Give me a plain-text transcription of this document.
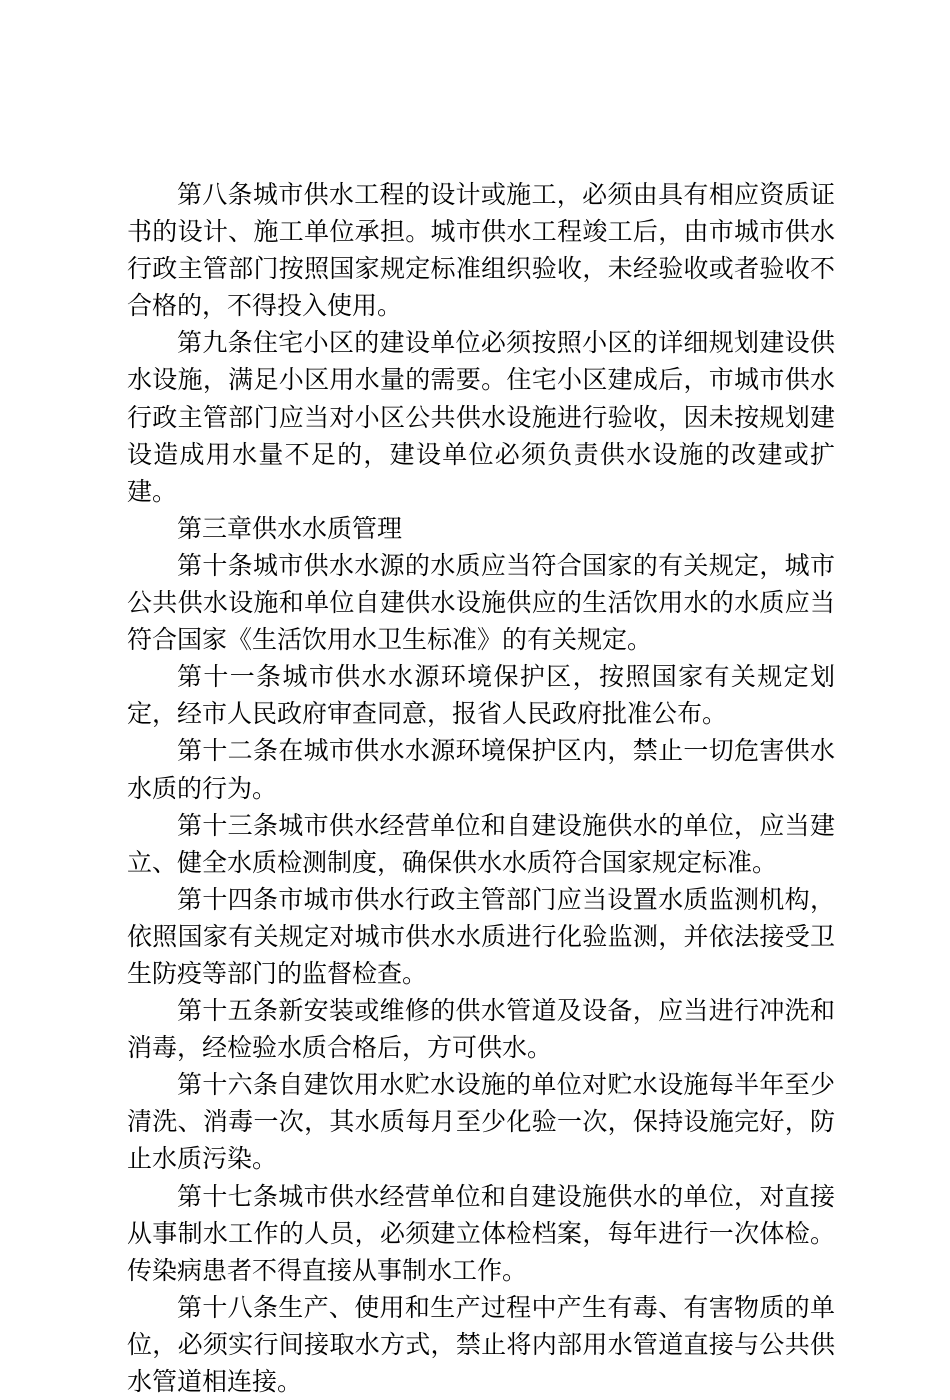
第八条城市供水工程的设计或施工，必须由具有相应资质证书的设计、施工单位承担。城市供水工程竣工后，由市城市供水行政主管部门按照国家规定标准组织验收，未经验收或者验收不合格的，不得投入使用。

第九条住宅小区的建设单位必须按照小区的详细规划建设供水设施，满足小区用水量的需要。住宅小区建成后，市城市供水行政主管部门应当对小区公共供水设施进行验收，因未按规划建设造成用水量不足的，建设单位必须负责供水设施的改建或扩建。

第三章供水水质管理

第十条城市供水水源的水质应当符合国家的有关规定，城市公共供水设施和单位自建供水设施供应的生活饮用水的水质应当符合国家《生活饮用水卫生标准》的有关规定。

第十一条城市供水水源环境保护区，按照国家有关规定划定，经市人民政府审查同意，报省人民政府批准公布。

第十二条在城市供水水源环境保护区内，禁止一切危害供水水质的行为。

第十三条城市供水经营单位和自建设施供水的单位，应当建立、健全水质检测制度，确保供水水质符合国家规定标准。

第十四条市城市供水行政主管部门应当设置水质监测机构，依照国家有关规定对城市供水水质进行化验监测，并依法接受卫生防疫等部门的监督检查。

第十五条新安装或维修的供水管道及设备，应当进行冲洗和消毒，经检验水质合格后，方可供水。

第十六条自建饮用水贮水设施的单位对贮水设施每半年至少清洗、消毒一次，其水质每月至少化验一次，保持设施完好，防止水质污染。

第十七条城市供水经营单位和自建设施供水的单位，对直接从事制水工作的人员，必须建立体检档案，每年进行一次体检。传染病患者不得直接从事制水工作。

第十八条生产、使用和生产过程中产生有毒、有害物质的单位，必须实行间接取水方式，禁止将内部用水管道直接与公共供水管道相连接。
